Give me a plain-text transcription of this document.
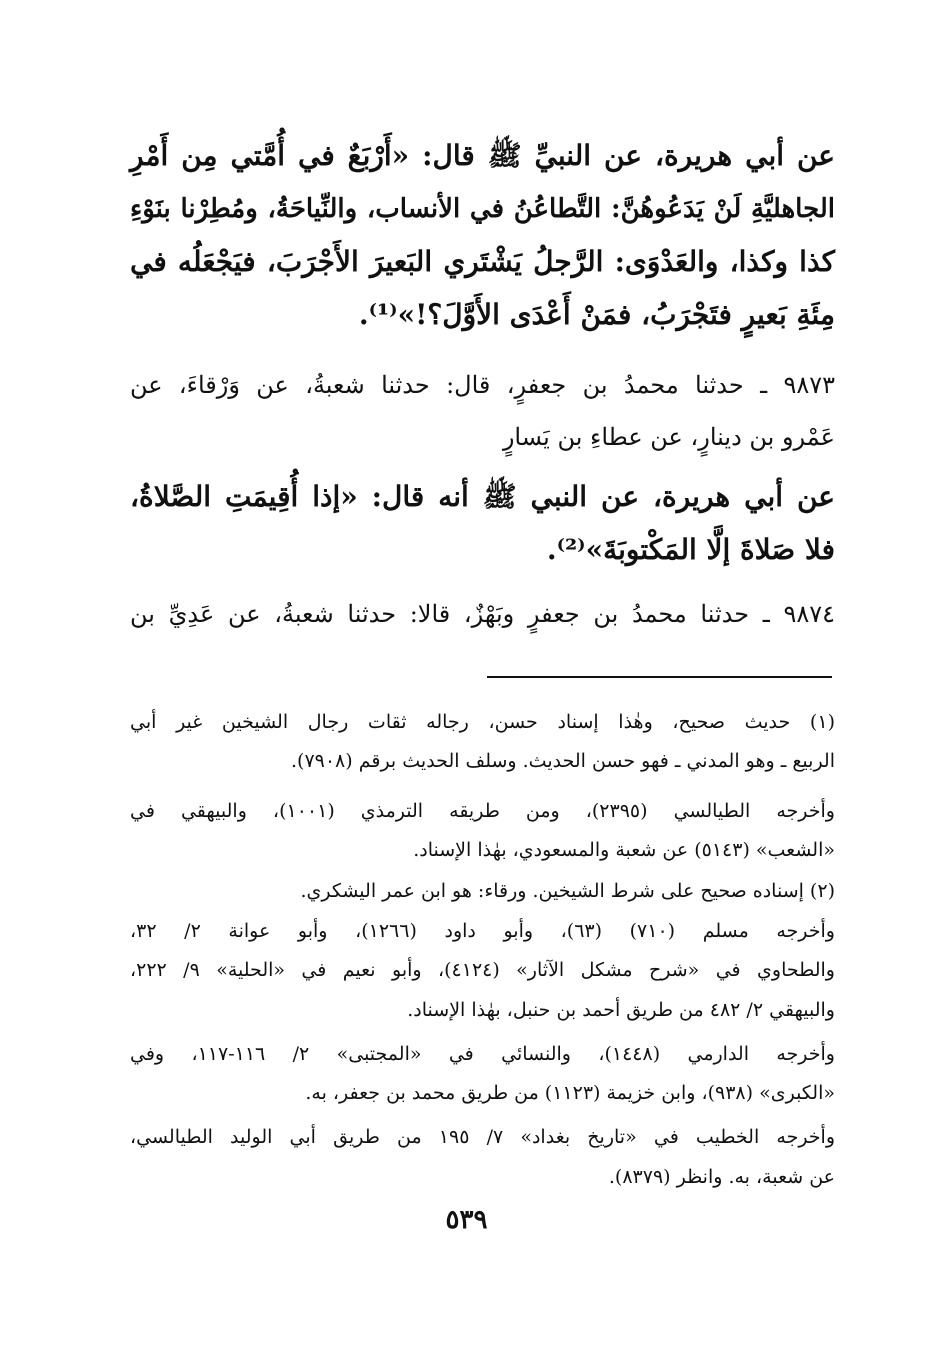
عن أبي هريرة، عن النبيِّ ﷺ قال: «أَرْبَعٌ في أُمَّتي مِن أَمْرِ
الجاهليَّةِ لَنْ يَدَعُوهُنَّ: التَّطاعُنُ في الأنساب، والنِّياحَةُ، ومُطِرْنا بنَوْءِ
كذا وكذا، والعَدْوَى: الرَّجلُ يَشْتَري البَعيرَ الأَجْرَبَ، فيَجْعَلُه في
مِئَةِ بَعيرٍ فتَجْرَبُ، فمَنْ أَعْدَى الأَوَّلَ؟!»⁽¹⁾.
٩٨٧٣ ـ حدثنا محمدُ بن جعفرٍ، قال: حدثنا شعبةُ، عن وَرْقاءَ، عن
عَمْرو بن دينارٍ، عن عطاءِ بن يَسارٍ
عن أبي هريرة، عن النبي ﷺ أنه قال: «إذا أُقِيمَتِ الصَّلاةُ،
فلا صَلاةَ إلَّا المَكْتوبَةَ»⁽²⁾.
٩٨٧٤ ـ حدثنا محمدُ بن جعفرٍ وبَهْزٌ، قالا: حدثنا شعبةُ، عن عَدِيِّ بن
(١) حديث صحيح، وهٰذا إسناد حسن، رجاله ثقات رجال الشيخين غير أبي
الربيع ـ وهو المدني ـ فهو حسن الحديث. وسلف الحديث برقم (٧٩٠٨).
وأخرجه الطيالسي (٢٣٩٥)، ومن طريقه الترمذي (١٠٠١)، والبيهقي في
«الشعب» (٥١٤٣) عن شعبة والمسعودي، بهٰذا الإسناد.
(٢) إسناده صحيح على شرط الشيخين. ورقاء: هو ابن عمر اليشكري.
وأخرجه مسلم (٧١٠) (٦٣)، وأبو داود (١٢٦٦)، وأبو عوانة ٢/ ٣٢،
والطحاوي في «شرح مشكل الآثار» (٤١٢٤)، وأبو نعيم في «الحلية» ٩/ ٢٢٢،
والبيهقي ٢/ ٤٨٢ من طريق أحمد بن حنبل، بهٰذا الإسناد.
وأخرجه الدارمي (١٤٤٨)، والنسائي في «المجتبى» ٢/ ١١٦-١١٧، وفي
«الكبرى» (٩٣٨)، وابن خزيمة (١١٢٣) من طريق محمد بن جعفر، به.
وأخرجه الخطيب في «تاريخ بغداد» ٧/ ١٩٥ من طريق أبي الوليد الطيالسي،
عن شعبة، به. وانظر (٨٣٧٩).
٥٣٩
